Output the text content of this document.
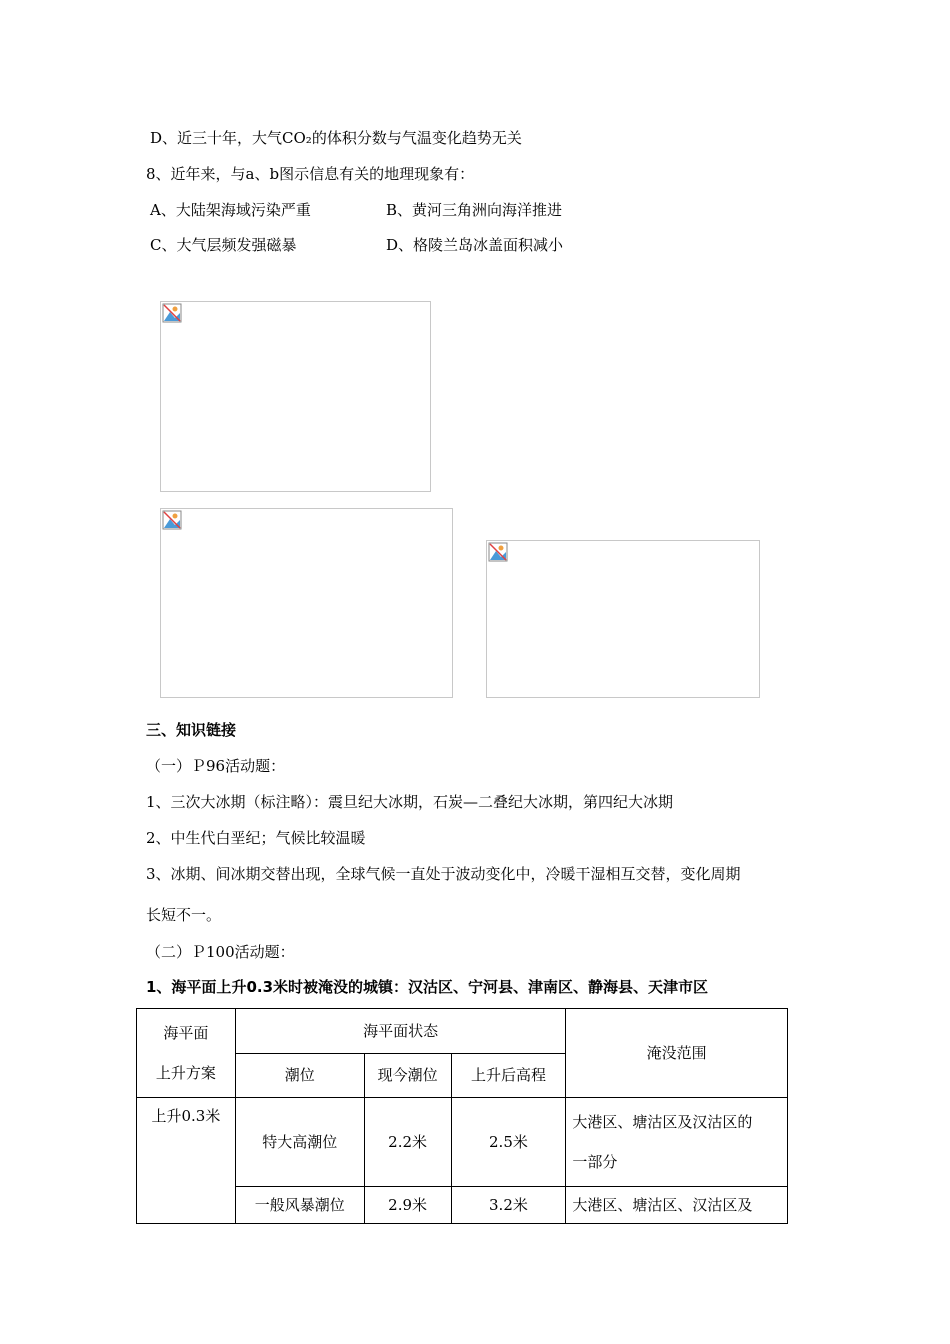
D、近三十年，大气CO₂的体积分数与气温变化趋势无关
8、近年来，与a、b图示信息有关的地理现象有：
A、大陆架海域污染严重	B、黄河三角洲向海洋推进
C、大气层频发强磁暴	D、格陵兰岛冰盖面积减小
三、知识链接
（一）Ｐ96活动题：
1、三次大冰期（标注略）：震旦纪大冰期，石炭—二叠纪大冰期，第四纪大冰期
2、中生代白垩纪；气候比较温暖
3、冰期、间冰期交替出现，全球气候一直处于波动变化中，冷暖干湿相互交替，变化周期
长短不一。
（二）Ｐ100活动题：
1、海平面上升0.3米时被淹没的城镇：汉沽区、宁河县、津南区、静海县、天津市区
海平面
上升方案	海平面状态			淹没范围
	潮位	现今潮位	上升后高程	
上升0.3米	特大高潮位	2.2米	2.5米	大港区、塘沽区及汉沽区的
一部分

	一般风暴潮位	2.9米	3.2米	大港区、塘沽区、汉沽区及
